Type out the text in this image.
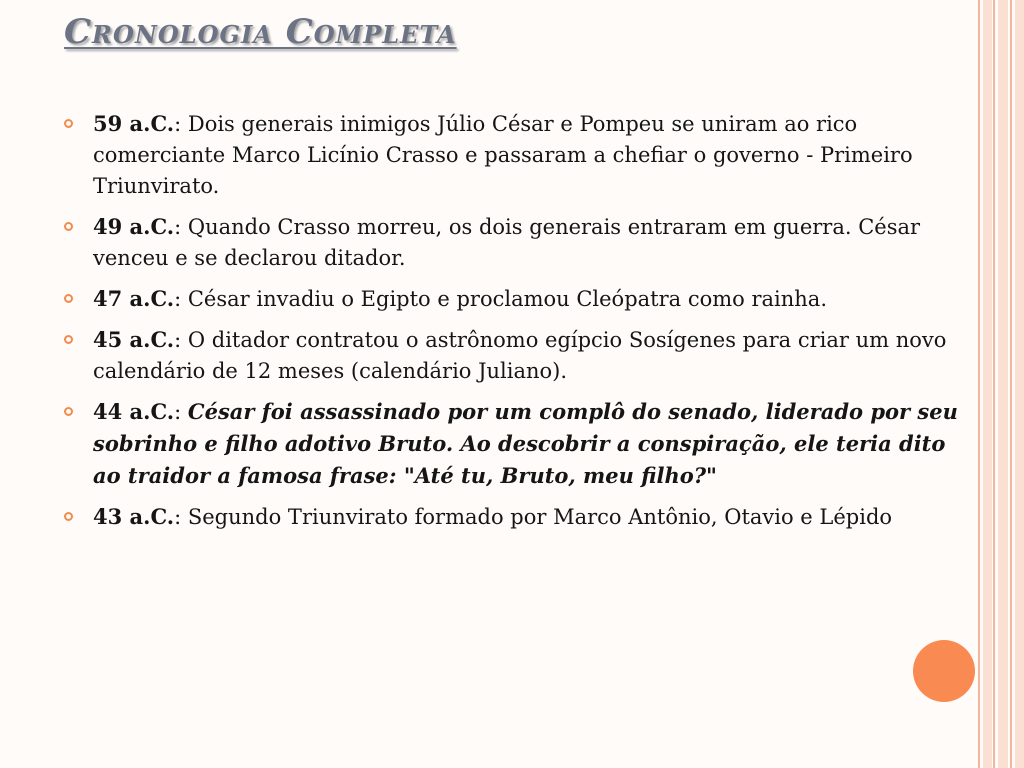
Cronologia Completa
59 a.C.: Dois generais inimigos Júlio César e Pompeu se uniram ao rico comerciante Marco Licínio Crasso e passaram a chefiar o governo - Primeiro Triunvirato.
49 a.C.: Quando Crasso morreu, os dois generais entraram em guerra. César venceu e se declarou ditador.
47 a.C.: César invadiu o Egipto e proclamou Cleópatra como rainha.
45 a.C.: O ditador contratou o astrônomo egípcio Sosígenes para criar um novo calendário de 12 meses (calendário Juliano).
44 a.C.: César foi assassinado por um complô do senado, liderado por seu sobrinho e filho adotivo Bruto. Ao descobrir a conspiração, ele teria dito ao traidor a famosa frase: "Até tu, Bruto, meu filho?"
43 a.C.: Segundo Triunvirato formado por Marco Antônio, Otavio e Lépido
